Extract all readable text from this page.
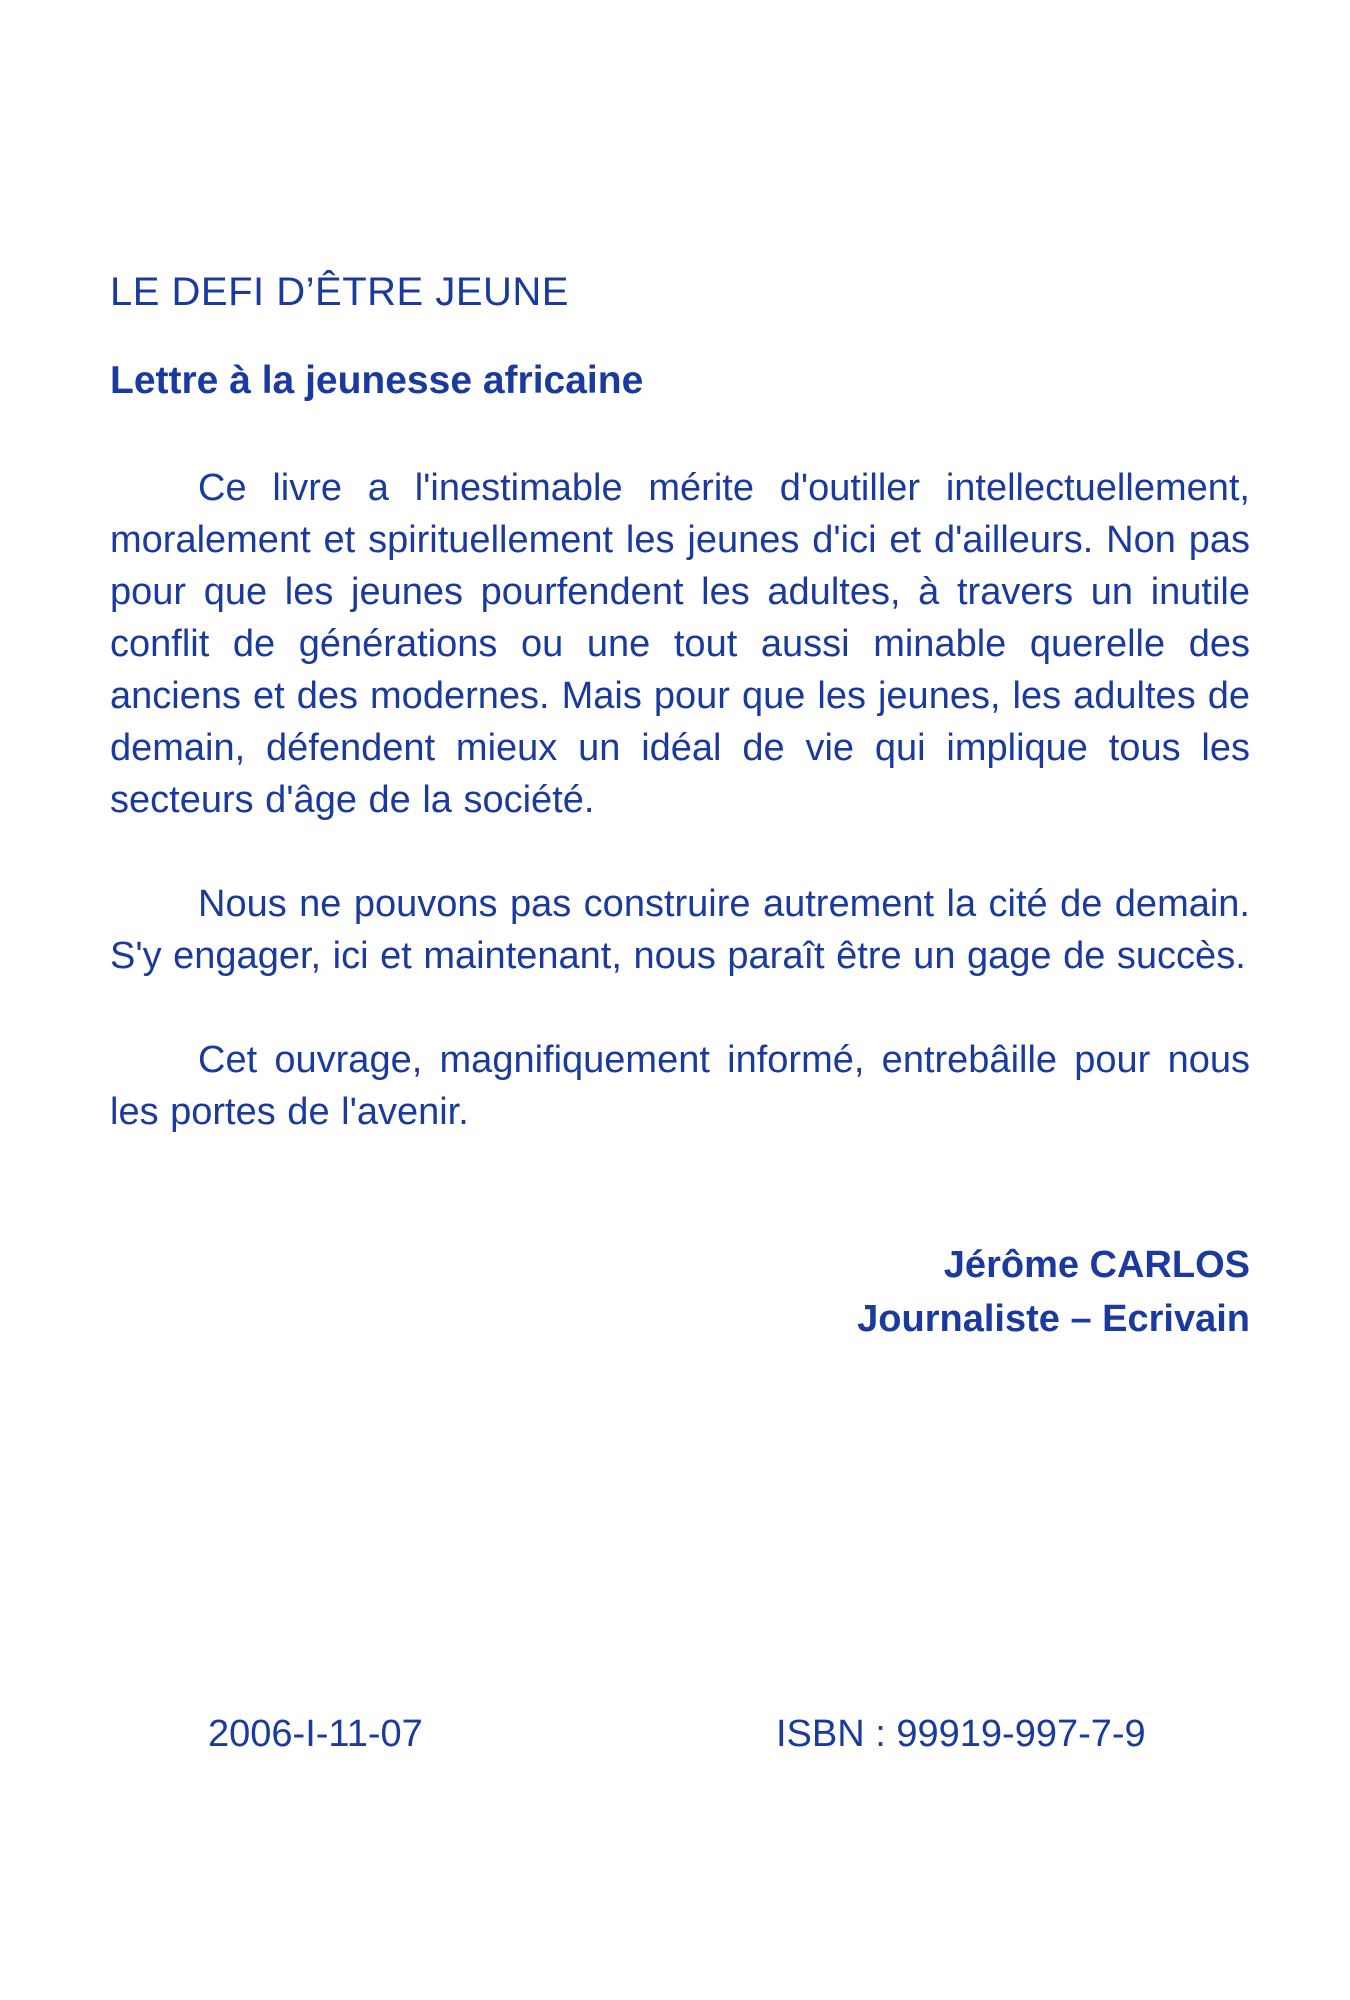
LE DEFI D’ÊTRE JEUNE
Lettre à la jeunesse africaine

Ce livre a l'inestimable mérite d'outiller intellectuellement, moralement et spirituellement les jeunes d'ici et d'ailleurs. Non pas pour que les jeunes pourfendent les adultes, à travers un inutile conflit de générations ou une tout aussi minable querelle des anciens et des modernes. Mais pour que les jeunes, les adultes de demain, défendent mieux un idéal de vie qui implique tous les secteurs d'âge de la société.

Nous ne pouvons pas construire autrement la cité de demain. S'y engager, ici et maintenant, nous paraît être un gage de succès.

Cet ouvrage, magnifiquement informé, entrebâille pour nous les portes de l'avenir.

Jérôme CARLOS
Journaliste – Ecrivain
2006-I-11-07	ISBN : 99919-997-7-9
